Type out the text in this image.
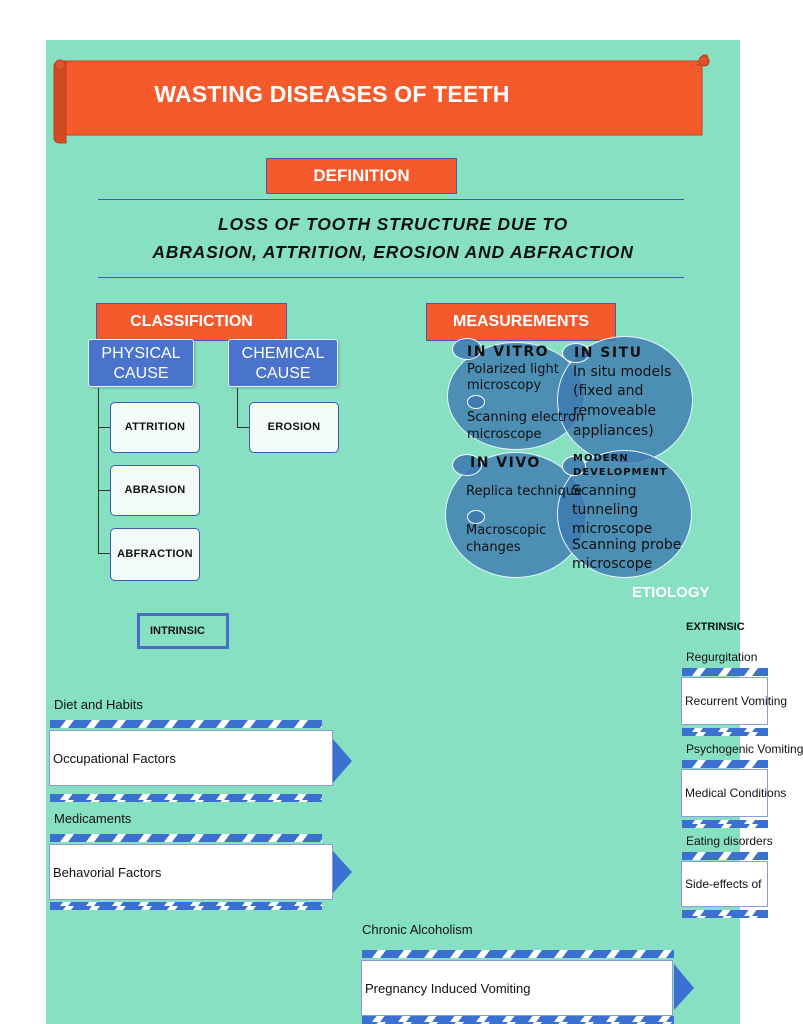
WASTING DISEASES OF TEETH
DEFINITION
LOSS OF TOOTH STRUCTURE DUE TO
ABRASION, ATTRITION, EROSION AND ABFRACTION
CLASSIFICTION
PHYSICAL
CAUSE
CHEMICAL
CAUSE
ATTRITION
ABRASION
ABFRACTION
EROSION
MEASUREMENTS
IN VITRO
Polarized light
microscopy
Scanning electron
microscope
IN SITU
In situ models
(fixed and
removeable
appliances)
IN VIVO
Replica technique
Macroscopic
changes
MODERN
DEVELOPMENT
Scanning
tunneling
microscope
Scanning probe
microscope
ETIOLOGY
INTRINSIC
Diet and Habits
Occupational Factors
Medicaments
Behavorial Factors
Chronic Alcoholism
Pregnancy Induced Vomiting
EXTRINSIC
Regurgitation
Recurrent Vomiting
Psychogenic Vomiting
Medical Conditions
Eating disorders
Side-effects of
